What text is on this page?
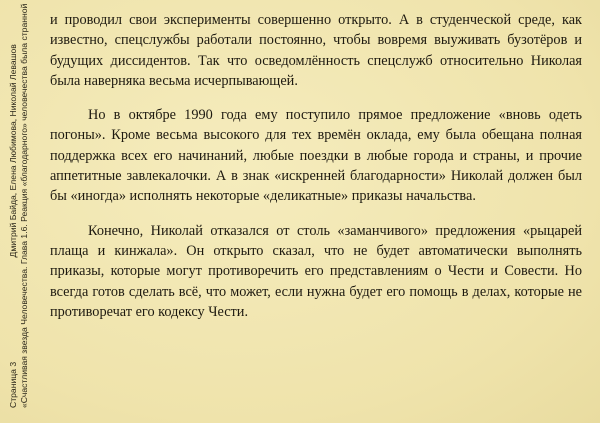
Страница 3 Дмитрий Байда, Елена Любимова, Николай Левашов «Счастливая звезда Человечества. Глава 1.6. Реакция «благодарного» человечества была странной и проводил свои эксперименты совершенно открыто. А в студенческой среде, как известно, спецслужбы работали постоянно, чтобы вовремя выуживать бузотёров и будущих диссидентов. Так что осведомлённость спецслужб относительно Николая была наверняка весьма исчерпывающей.

Но в октябре 1990 года ему поступило прямое предложение «вновь одеть погоны». Кроме весьма высокого для тех времён оклада, ему была обещана полная поддержка всех его начинаний, любые поездки в любые города и страны, и прочие аппетитные завлекалочки. А в знак «искренней благодарности» Николай должен был бы «иногда» исполнять некоторые «деликатные» приказы начальства.

Конечно, Николай отказался от столь «заманчивого» предложения «рыцарей плаща и кинжала». Он открыто сказал, что не будет автоматически выполнять приказы, которые могут противоречить его представлениям о Чести и Совести. Но всегда готов сделать всё, что может, если нужна будет его помощь в делах, которые не противоречат его кодексу Чести.
